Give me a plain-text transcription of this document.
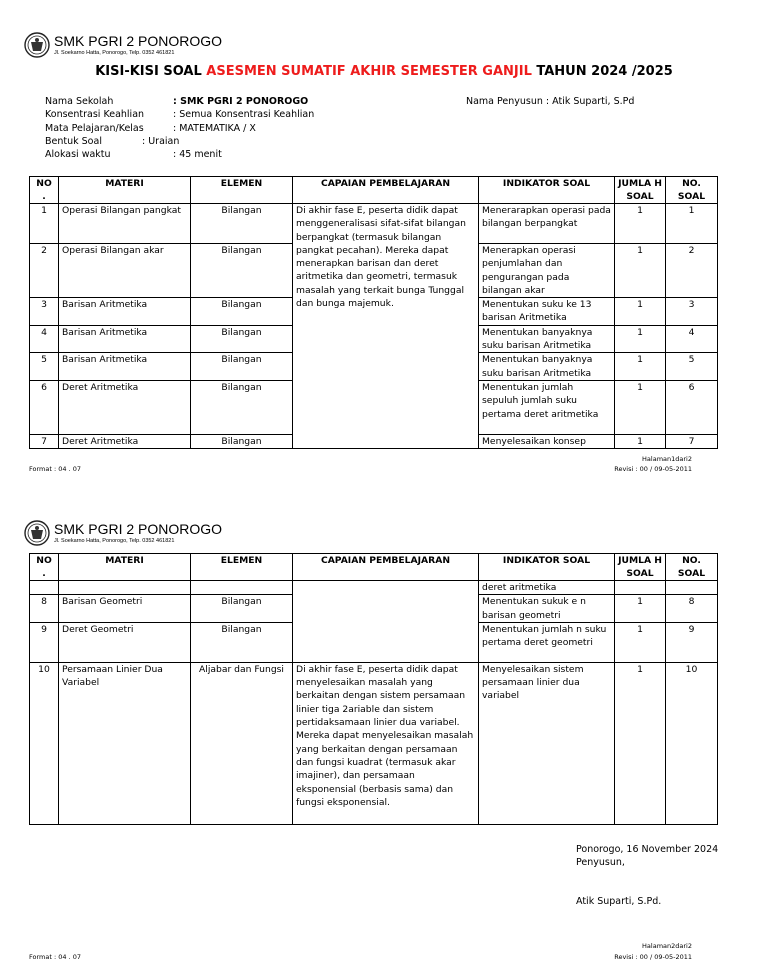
SMK PGRI 2 PONOROGO
Jl. Soekarno Hatta, Ponorogo, Telp. 0352 461821
KISI-KISI SOAL ASESMEN SUMATIF AKHIR SEMESTER GANJIL TAHUN 2024 /2025
Nama Sekolah	: SMK PGRI 2 PONOROGO
Konsentrasi Keahlian	: Semua Konsentrasi Keahlian
Mata Pelajaran/Kelas	: MATEMATIKA / X
Bentuk Soal	: Uraian
Alokasi waktu	: 45 menit
Nama Penyusun : Atik Suparti, S.Pd
NO .	MATERI	ELEMEN	CAPAIAN PEMBELAJARAN	INDIKATOR SOAL	JUMLA H SOAL	NO. SOAL
1	Operasi Bilangan pangkat	Bilangan	Di akhir fase E, peserta didik dapat menggeneralisasi sifat-sifat bilangan berpangkat (termasuk bilangan pangkat pecahan). Mereka dapat menerapkan barisan dan deret aritmetika dan geometri, termasuk masalah yang terkait bunga Tunggal dan bunga majemuk.	Menerarapkan operasi pada bilangan berpangkat	1	1
2	Operasi Bilangan akar	Bilangan		Menerapkan operasi penjumlahan dan pengurangan pada bilangan akar	1	2
3	Barisan Aritmetika	Bilangan		Menentukan suku ke 13 barisan Aritmetika	1	3
4	Barisan Aritmetika	Bilangan		Menentukan banyaknya suku barisan Aritmetika	1	4
5	Barisan Aritmetika	Bilangan		Menentukan banyaknya suku barisan Aritmetika	1	5
6	Deret Aritmetika	Bilangan		Menentukan jumlah sepuluh jumlah suku pertama deret aritmetika	1	6
7	Deret Aritmetika	Bilangan		Menyelesaikan konsep	1	7
Halaman1dari2
Format : 04 . 07	Revisi : 00 / 09-05-2011
SMK PGRI 2 PONOROGO
Jl. Soekarno Hatta, Ponorogo, Telp. 0352 461821
NO .	MATERI	ELEMEN	CAPAIAN PEMBELAJARAN	INDIKATOR SOAL	JUMLA H SOAL	NO. SOAL
				deret aritmetika		
8	Barisan Geometri	Bilangan		Menentukan sukuk e n barisan geometri	1	8
9	Deret Geometri	Bilangan		Menentukan jumlah n suku pertama deret geometri	1	9
10	Persamaan Linier Dua Variabel	Aljabar dan Fungsi	Di akhir fase E, peserta didik dapat menyelesaikan masalah yang berkaitan dengan sistem persamaan linier tiga 2ariable dan sistem pertidaksamaan linier dua variabel. Mereka dapat menyelesaikan masalah yang berkaitan dengan persamaan dan fungsi kuadrat (termasuk akar imajiner), dan persamaan eksponensial (berbasis sama) dan fungsi eksponensial.	Menyelesaikan sistem persamaan linier dua variabel	1	10
Ponorogo, 16 November 2024
Penyusun,
Atik Suparti, S.Pd.
Halaman2dari2
Format : 04 . 07	Revisi : 00 / 09-05-2011
